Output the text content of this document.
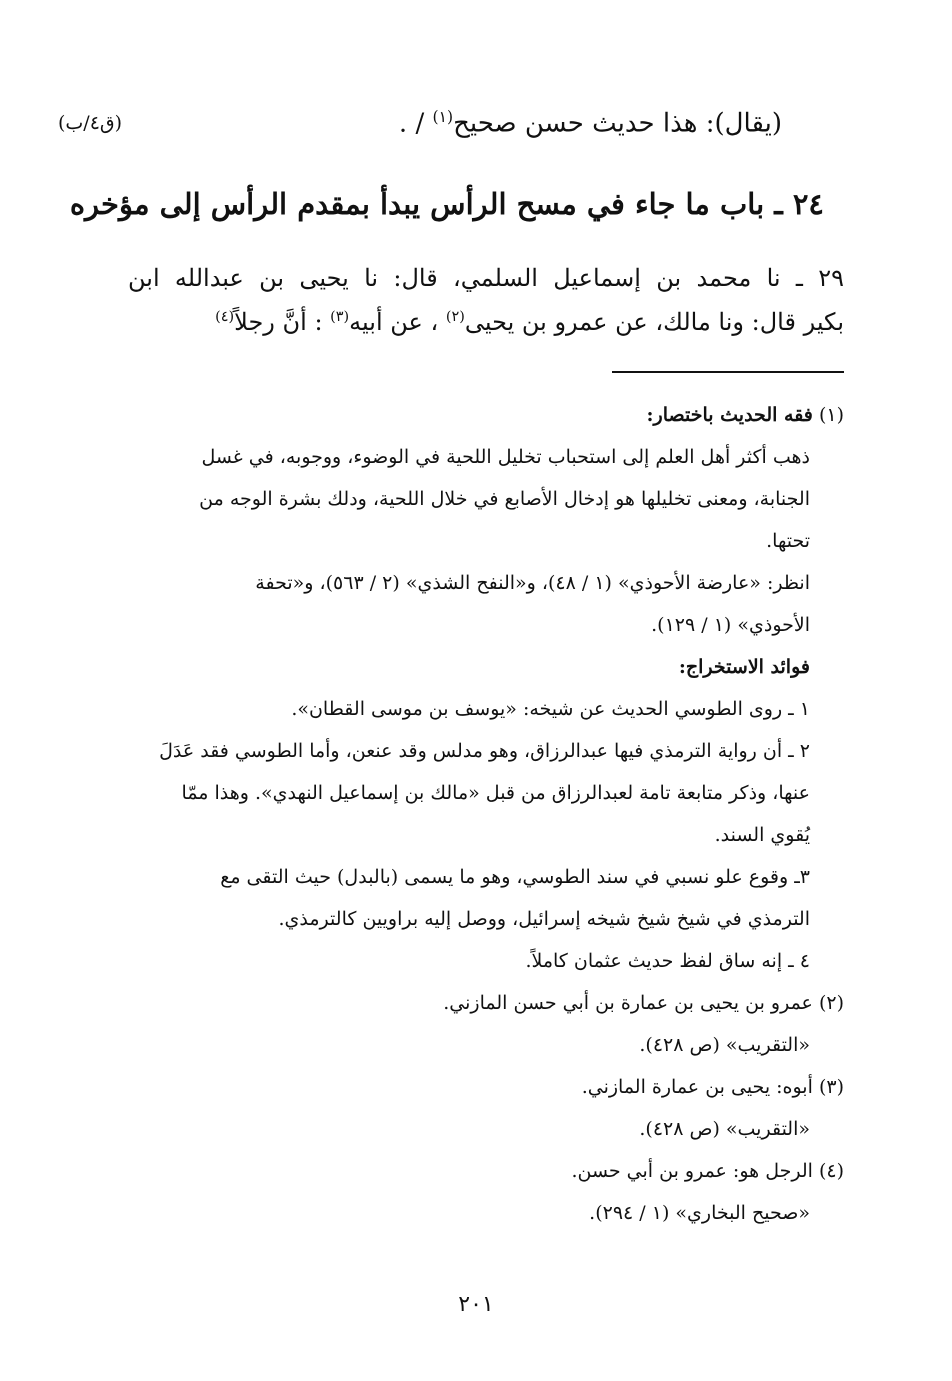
(يقال): هذا حديث حسن صحيح$^{(١)}$ / .

(ق٤/ب)

٢٤ ـ باب ما جاء في مسح الرأس يبدأ بمقدم الرأس إلى مؤخره

٢٩ ـ نا محمد بن إسماعيل السلمي، قال: نا يحيى بن عبدالله ابن

بكير قال: ونا مالك، عن عمرو بن يحيى$^{(٢)}$ ، عن أبيه$^{(٣)}$ : أنَّ رجلاً$^{(٤)}$

(١) فقه الحديث باختصار:

ذهب أكثر أهل العلم إلى استحباب تخليل اللحية في الوضوء، ووجوبه، في غسل

الجنابة، ومعنى تخليلها هو إدخال الأصابع في خلال اللحية، ودلك بشرة الوجه من

تحتها.

انظر: «عارضة الأحوذي» (١ / ٤٨)، و«النفح الشذي» (٢ / ٥٦٣)، و«تحفة

الأحوذي» (١ / ١٢٩).

فوائد الاستخراج:

١ ـ روى الطوسي الحديث عن شيخه: «يوسف بن موسى القطان».

٢ ـ أن رواية الترمذي فيها عبدالرزاق، وهو مدلس وقد عنعن، وأما الطوسي فقد عَدَلَ

عنها، وذكر متابعة تامة لعبدالرزاق من قبل «مالك بن إسماعيل النهدي». وهذا ممّا

يُقوي السند.

٣ـ وقوع علو نسبي في سند الطوسي، وهو ما يسمى (بالبدل) حيث التقى مع

الترمذي في شيخ شيخ شيخه إسرائيل، ووصل إليه براويين كالترمذي.

٤ ـ إنه ساق لفظ حديث عثمان كاملاً.

(٢) عمرو بن يحيى بن عمارة بن أبي حسن المازني.

«التقريب» (ص ٤٢٨).

(٣) أبوه: يحيى بن عمارة المازني.

«التقريب» (ص ٤٢٨).

(٤) الرجل هو: عمرو بن أبي حسن.

«صحيح البخاري» (١ / ٢٩٤).

٢٠١
